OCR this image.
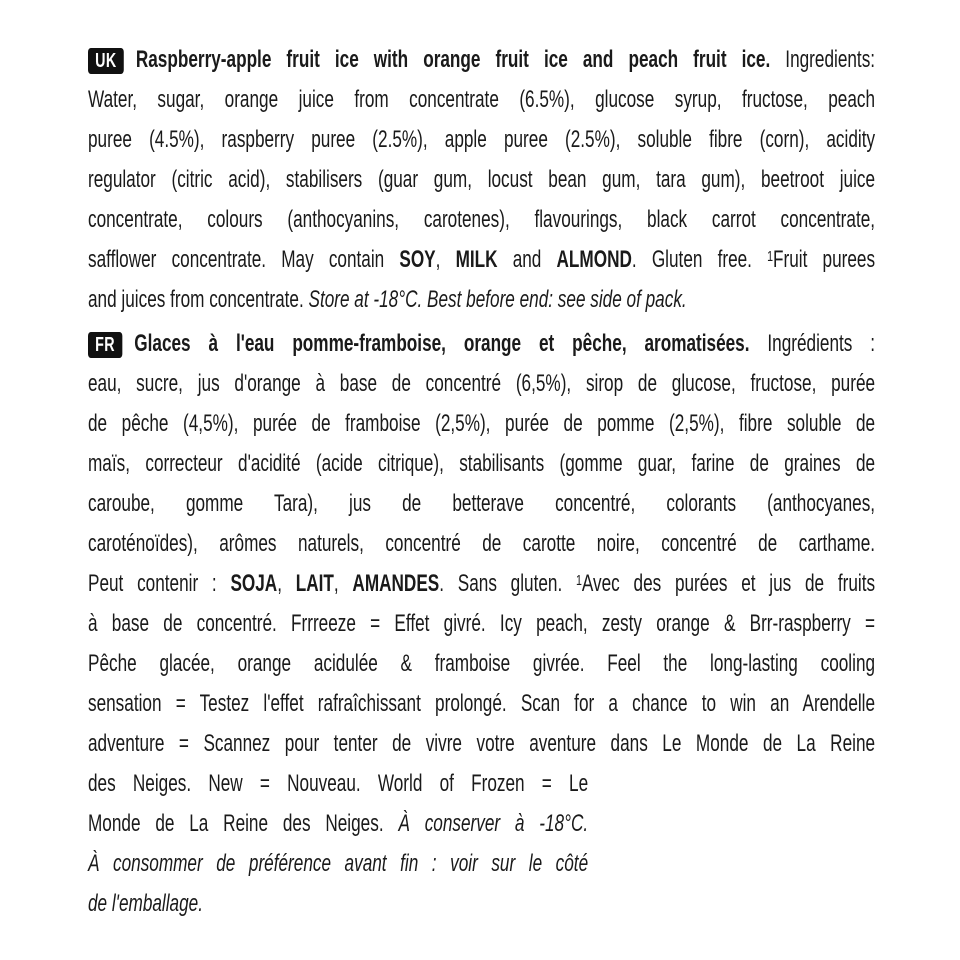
UK Raspberry-apple fruit ice with orange fruit ice and peach fruit ice. Ingredients:
Water, sugar, orange juice from concentrate (6.5%), glucose syrup, fructose, peach
puree (4.5%), raspberry puree (2.5%), apple puree (2.5%), soluble fibre (corn), acidity
regulator (citric acid), stabilisers (guar gum, locust bean gum, tara gum), beetroot juice
concentrate, colours (anthocyanins, carotenes), flavourings, black carrot concentrate,
safflower concentrate. May contain SOY, MILK and ALMOND. Gluten free. $^1$Fruit purees
and juices from concentrate. Store at -18°C. Best before end: see side of pack.
FR Glaces à l'eau pomme-framboise, orange et pêche, aromatisées. Ingrédients :
eau, sucre, jus d'orange à base de concentré (6,5%), sirop de glucose, fructose, purée
de pêche (4,5%), purée de framboise (2,5%), purée de pomme (2,5%), fibre soluble de
maïs, correcteur d'acidité (acide citrique), stabilisants (gomme guar, farine de graines de
caroube, gomme Tara), jus de betterave concentré, colorants (anthocyanes,
caroténoïdes), arômes naturels, concentré de carotte noire, concentré de carthame.
Peut contenir : SOJA, LAIT, AMANDES. Sans gluten. $^1$Avec des purées et jus de fruits
à base de concentré. Frrreeze = Effet givré. Icy peach, zesty orange & Brr-raspberry =
Pêche glacée, orange acidulée & framboise givrée. Feel the long-lasting cooling
sensation = Testez l'effet rafraîchissant prolongé. Scan for a chance to win an Arendelle
adventure = Scannez pour tenter de vivre votre aventure dans Le Monde de La Reine
des Neiges. New = Nouveau. World of Frozen = Le
Monde de La Reine des Neiges. À conserver à -18°C.
À consommer de préférence avant fin : voir sur le côté
de l'emballage.
